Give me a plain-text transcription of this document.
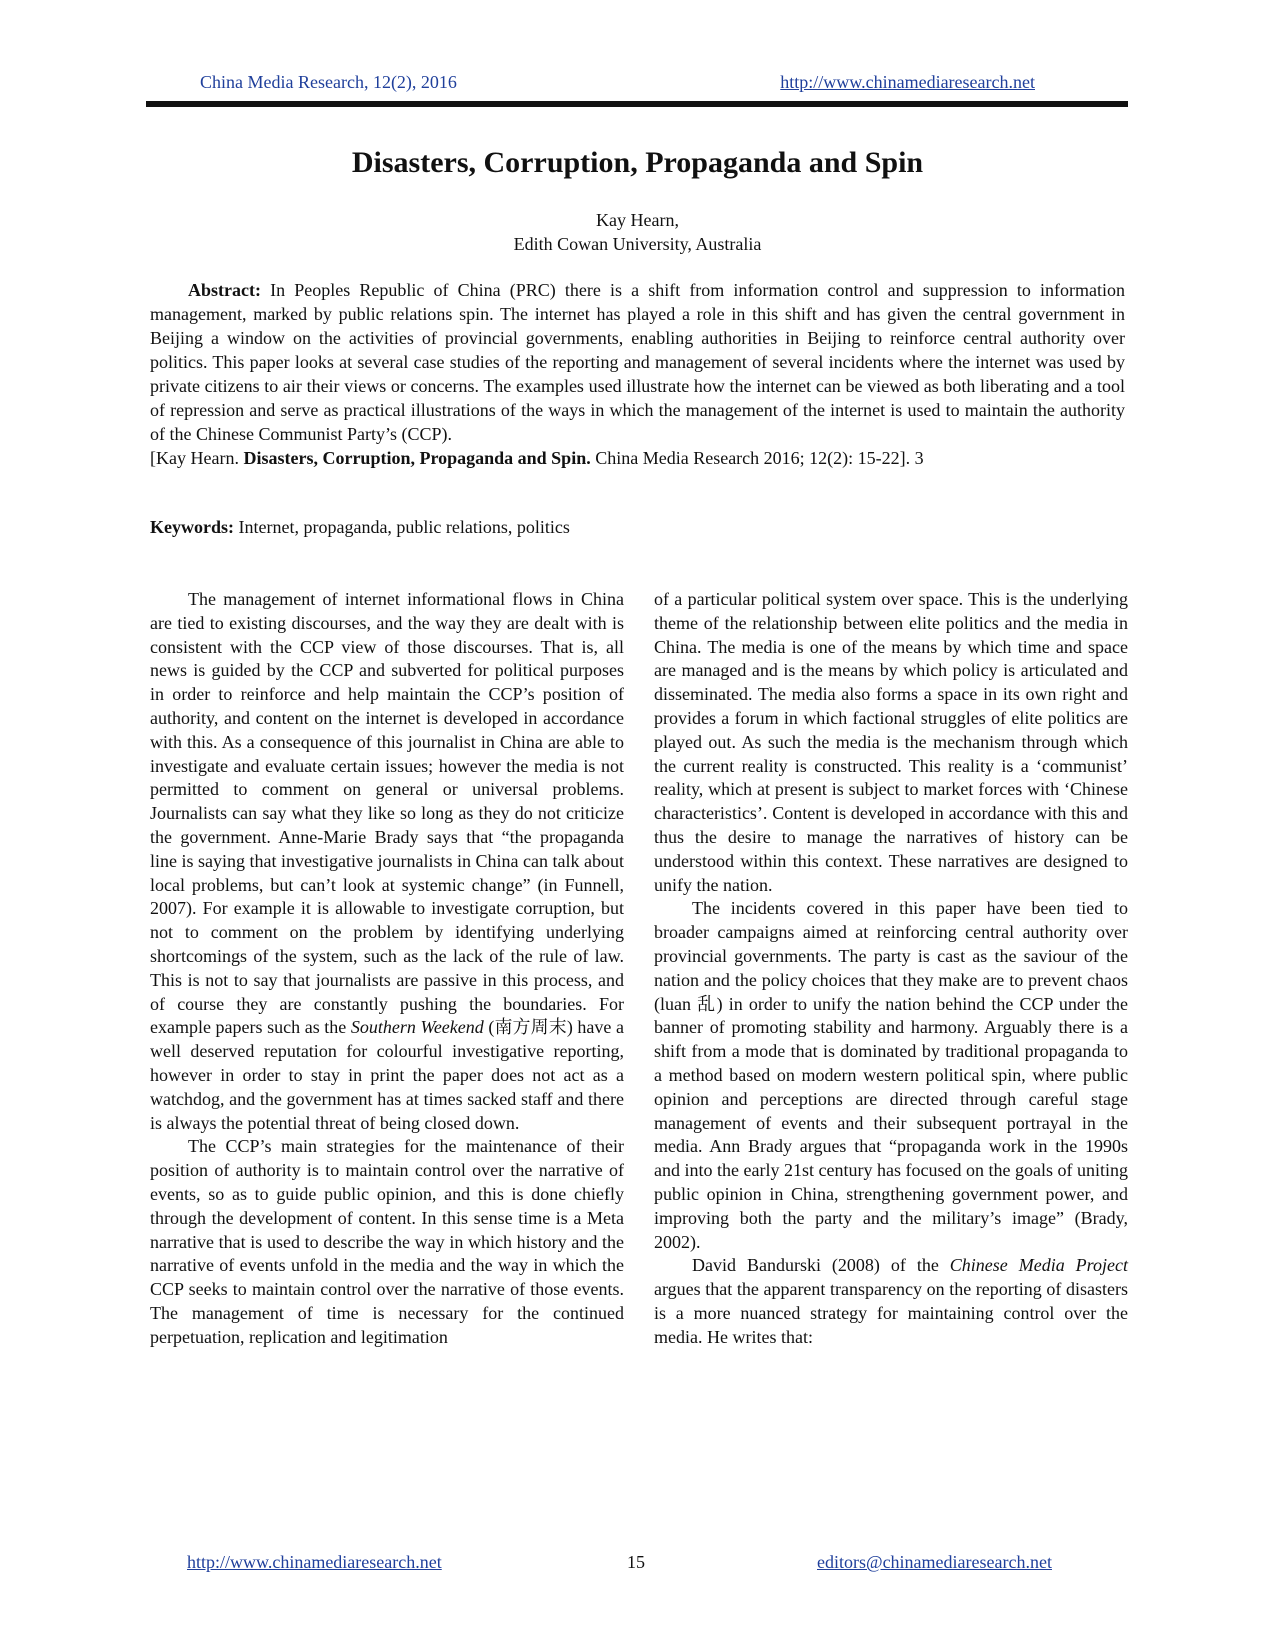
China Media Research, 12(2), 2016	http://www.chinamediaresearch.net
Disasters, Corruption, Propaganda and Spin
Kay Hearn,
Edith Cowan University, Australia

Abstract: In Peoples Republic of China (PRC) there is a shift from information control and suppression to information management, marked by public relations spin. The internet has played a role in this shift and has given the central government in Beijing a window on the activities of provincial governments, enabling authorities in Beijing to reinforce central authority over politics. This paper looks at several case studies of the reporting and management of several incidents where the internet was used by private citizens to air their views or concerns. The examples used illustrate how the internet can be viewed as both liberating and a tool of repression and serve as practical illustrations of the ways in which the management of the internet is used to maintain the authority of the Chinese Communist Party’s (CCP).

[Kay Hearn. Disasters, Corruption, Propaganda and Spin. China Media Research 2016; 12(2): 15-22]. 3

Keywords: Internet, propaganda, public relations, politics

The management of internet informational flows in China are tied to existing discourses, and the way they are dealt with is consistent with the CCP view of those discourses. That is, all news is guided by the CCP and subverted for political purposes in order to reinforce and help maintain the CCP’s position of authority, and content on the internet is developed in accordance with this. As a consequence of this journalist in China are able to investigate and evaluate certain issues; however the media is not permitted to comment on general or universal problems. Journalists can say what they like so long as they do not criticize the government. Anne-Marie Brady says that “the propaganda line is saying that investigative journalists in China can talk about local problems, but can’t look at systemic change” (in Funnell, 2007). For example it is allowable to investigate corruption, but not to comment on the problem by identifying underlying shortcomings of the system, such as the lack of the rule of law. This is not to say that journalists are passive in this process, and of course they are constantly pushing the boundaries. For example papers such as the Southern Weekend (南方周末) have a well deserved reputation for colourful investigative reporting, however in order to stay in print the paper does not act as a watchdog, and the government has at times sacked staff and there is always the potential threat of being closed down.

The CCP’s main strategies for the maintenance of their position of authority is to maintain control over the narrative of events, so as to guide public opinion, and this is done chiefly through the development of content. In this sense time is a Meta narrative that is used to describe the way in which history and the narrative of events unfold in the media and the way in which the CCP seeks to maintain control over the narrative of those events. The management of time is necessary for the continued perpetuation, replication and legitimation

of a particular political system over space. This is the underlying theme of the relationship between elite politics and the media in China. The media is one of the means by which time and space are managed and is the means by which policy is articulated and disseminated. The media also forms a space in its own right and provides a forum in which factional struggles of elite politics are played out. As such the media is the mechanism through which the current reality is constructed. This reality is a ‘communist’ reality, which at present is subject to market forces with ‘Chinese characteristics’. Content is developed in accordance with this and thus the desire to manage the narratives of history can be understood within this context. These narratives are designed to unify the nation.

The incidents covered in this paper have been tied to broader campaigns aimed at reinforcing central authority over provincial governments. The party is cast as the saviour of the nation and the policy choices that they make are to prevent chaos (luan 乱) in order to unify the nation behind the CCP under the banner of promoting stability and harmony. Arguably there is a shift from a mode that is dominated by traditional propaganda to a method based on modern western political spin, where public opinion and perceptions are directed through careful stage management of events and their subsequent portrayal in the media. Ann Brady argues that “propaganda work in the 1990s and into the early 21st century has focused on the goals of uniting public opinion in China, strengthening government power, and improving both the party and the military’s image” (Brady, 2002).

David Bandurski (2008) of the Chinese Media Project argues that the apparent transparency on the reporting of disasters is a more nuanced strategy for maintaining control over the media. He writes that:

http://www.chinamediaresearch.net	15	editors@chinamediaresearch.net
